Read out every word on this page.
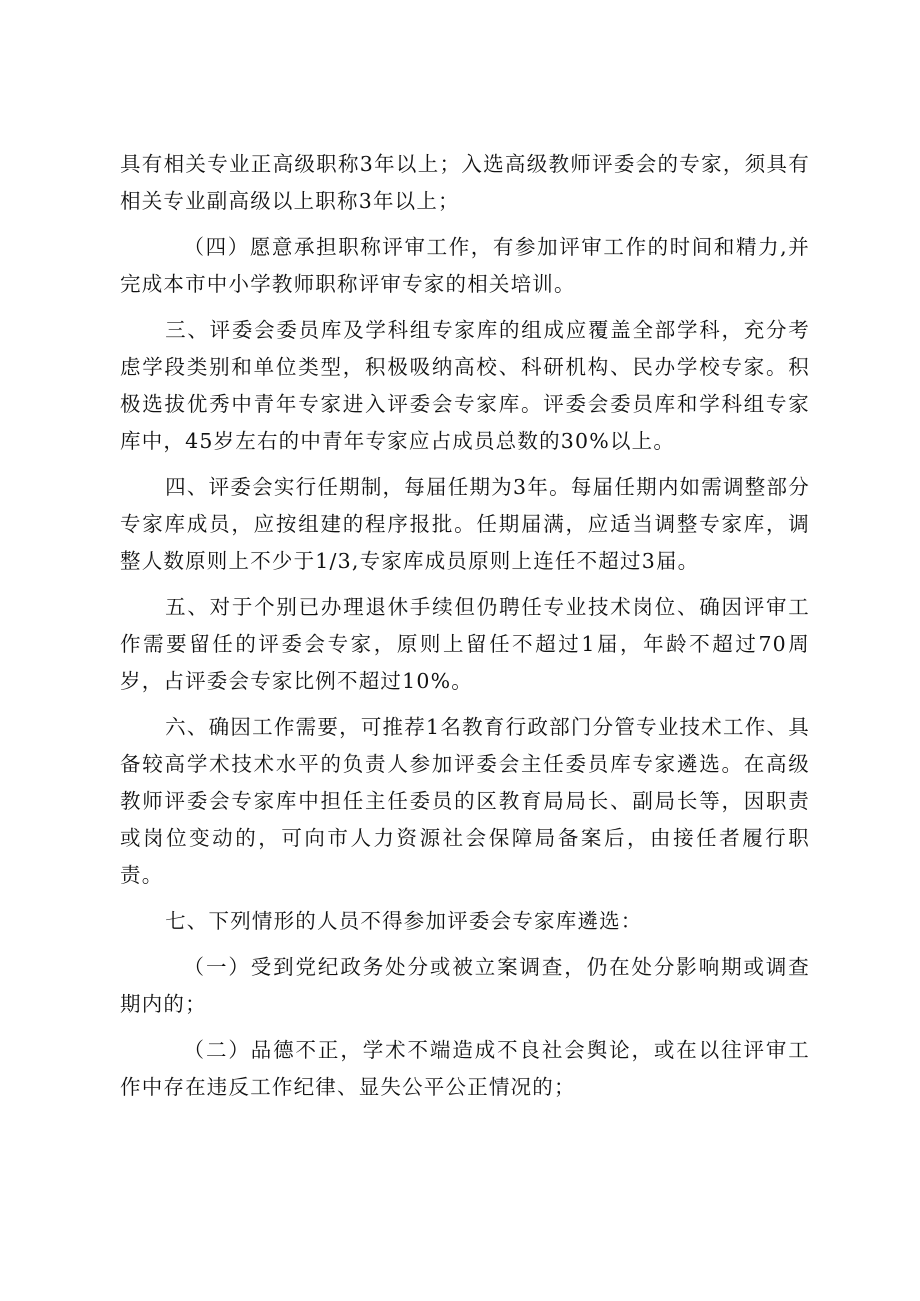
具有相关专业正高级职称3年以上；入选高级教师评委会的专家，须具有相关专业副高级以上职称3年以上；

（四）愿意承担职称评审工作，有参加评审工作的时间和精力,并完成本市中小学教师职称评审专家的相关培训。

三、评委会委员库及学科组专家库的组成应覆盖全部学科，充分考虑学段类别和单位类型，积极吸纳高校、科研机构、民办学校专家。积极选拔优秀中青年专家进入评委会专家库。评委会委员库和学科组专家库中，45岁左右的中青年专家应占成员总数的30%以上。

四、评委会实行任期制，每届任期为3年。每届任期内如需调整部分专家库成员，应按组建的程序报批。任期届满，应适当调整专家库，调整人数原则上不少于1/3,专家库成员原则上连任不超过3届。

五、对于个别已办理退休手续但仍聘任专业技术岗位、确因评审工作需要留任的评委会专家，原则上留任不超过1届，年龄不超过70周岁，占评委会专家比例不超过10%。

六、确因工作需要，可推荐1名教育行政部门分管专业技术工作、具备较高学术技术水平的负责人参加评委会主任委员库专家遴选。在高级教师评委会专家库中担任主任委员的区教育局局长、副局长等，因职责或岗位变动的，可向市人力资源社会保障局备案后，由接任者履行职责。

七、下列情形的人员不得参加评委会专家库遴选：

（一）受到党纪政务处分或被立案调查，仍在处分影响期或调查期内的；

（二）品德不正，学术不端造成不良社会舆论，或在以往评审工作中存在违反工作纪律、显失公平公正情况的；
